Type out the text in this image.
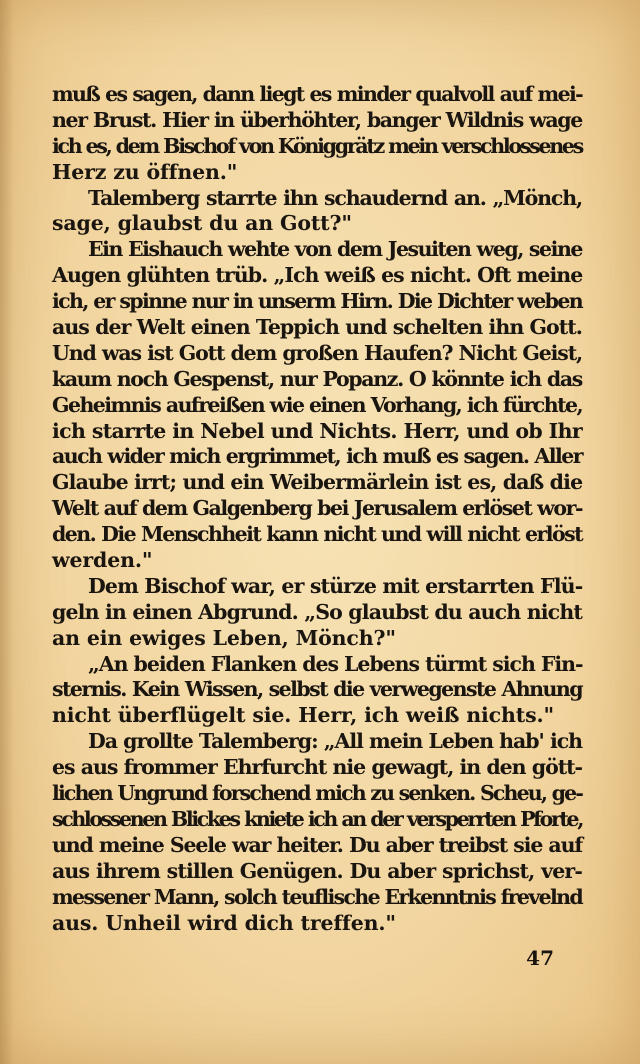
muß es sagen, dann liegt es minder qualvoll auf mei-
ner Brust. Hier in überhöhter, banger Wildnis wage
ich es, dem Bischof von Königgrätz mein verschlossenes
Herz zu öffnen."
Talemberg starrte ihn schaudernd an. „Mönch,
sage, glaubst du an Gott?"
Ein Eishauch wehte von dem Jesuiten weg, seine
Augen glühten trüb. „Ich weiß es nicht. Oft meine
ich, er spinne nur in unserm Hirn. Die Dichter weben
aus der Welt einen Teppich und schelten ihn Gott.
Und was ist Gott dem großen Haufen? Nicht Geist,
kaum noch Gespenst, nur Popanz. O könnte ich das
Geheimnis aufreißen wie einen Vorhang, ich fürchte,
ich starrte in Nebel und Nichts. Herr, und ob Ihr
auch wider mich ergrimmet, ich muß es sagen. Aller
Glaube irrt; und ein Weibermärlein ist es, daß die
Welt auf dem Galgenberg bei Jerusalem erlöset wor-
den. Die Menschheit kann nicht und will nicht erlöst
werden."
Dem Bischof war, er stürze mit erstarrten Flü-
geln in einen Abgrund. „So glaubst du auch nicht
an ein ewiges Leben, Mönch?"
„An beiden Flanken des Lebens türmt sich Fin-
sternis. Kein Wissen, selbst die verwegenste Ahnung
nicht überflügelt sie. Herr, ich weiß nichts."
Da grollte Talemberg: „All mein Leben hab' ich
es aus frommer Ehrfurcht nie gewagt, in den gött-
lichen Ungrund forschend mich zu senken. Scheu, ge-
schlossenen Blickes kniete ich an der versperrten Pforte,
und meine Seele war heiter. Du aber treibst sie auf
aus ihrem stillen Genügen. Du aber sprichst, ver-
messener Mann, solch teuflische Erkenntnis frevelnd
aus. Unheil wird dich treffen."
47
